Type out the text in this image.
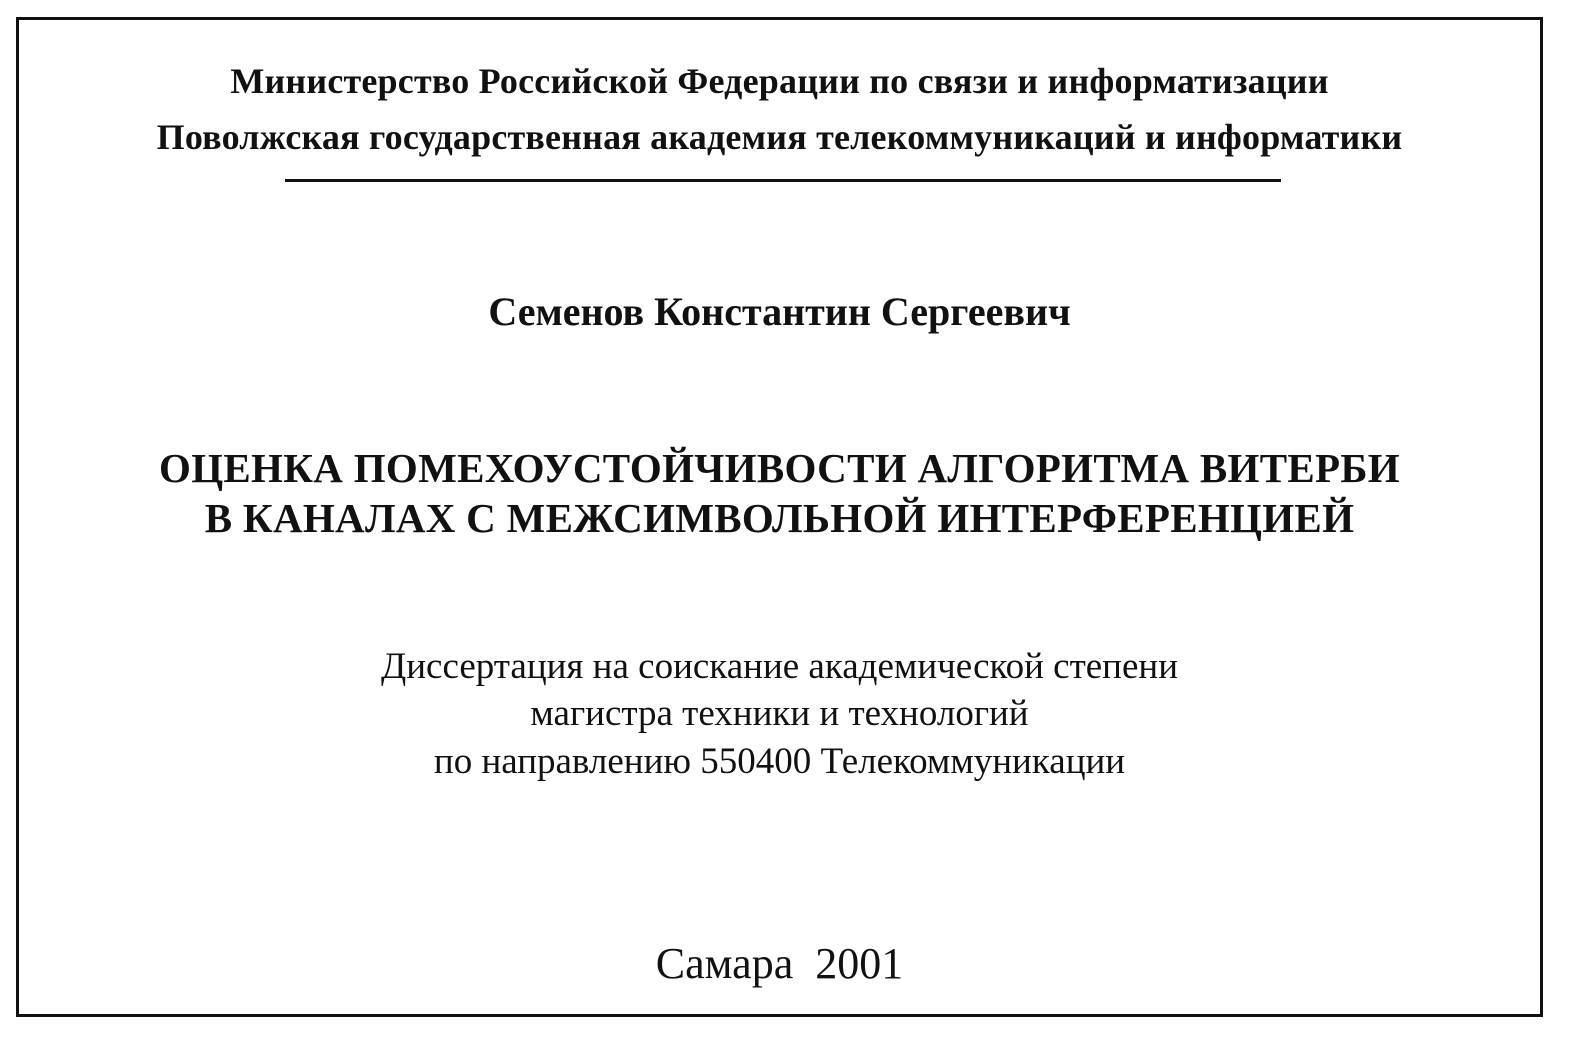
Министерство Российской Федерации по связи и информатизации
Поволжская государственная академия телекоммуникаций и информатики
Семенов Константин Сергеевич
ОЦЕНКА ПОМЕХОУСТОЙЧИВОСТИ АЛГОРИТМА ВИТЕРБИ
В КАНАЛАХ С МЕЖСИМВОЛЬНОЙ ИНТЕРФЕРЕНЦИЕЙ
Диссертация на соискание академической степени
магистра техники и технологий
по направлению 550400 Телекоммуникации
Самара  2001
